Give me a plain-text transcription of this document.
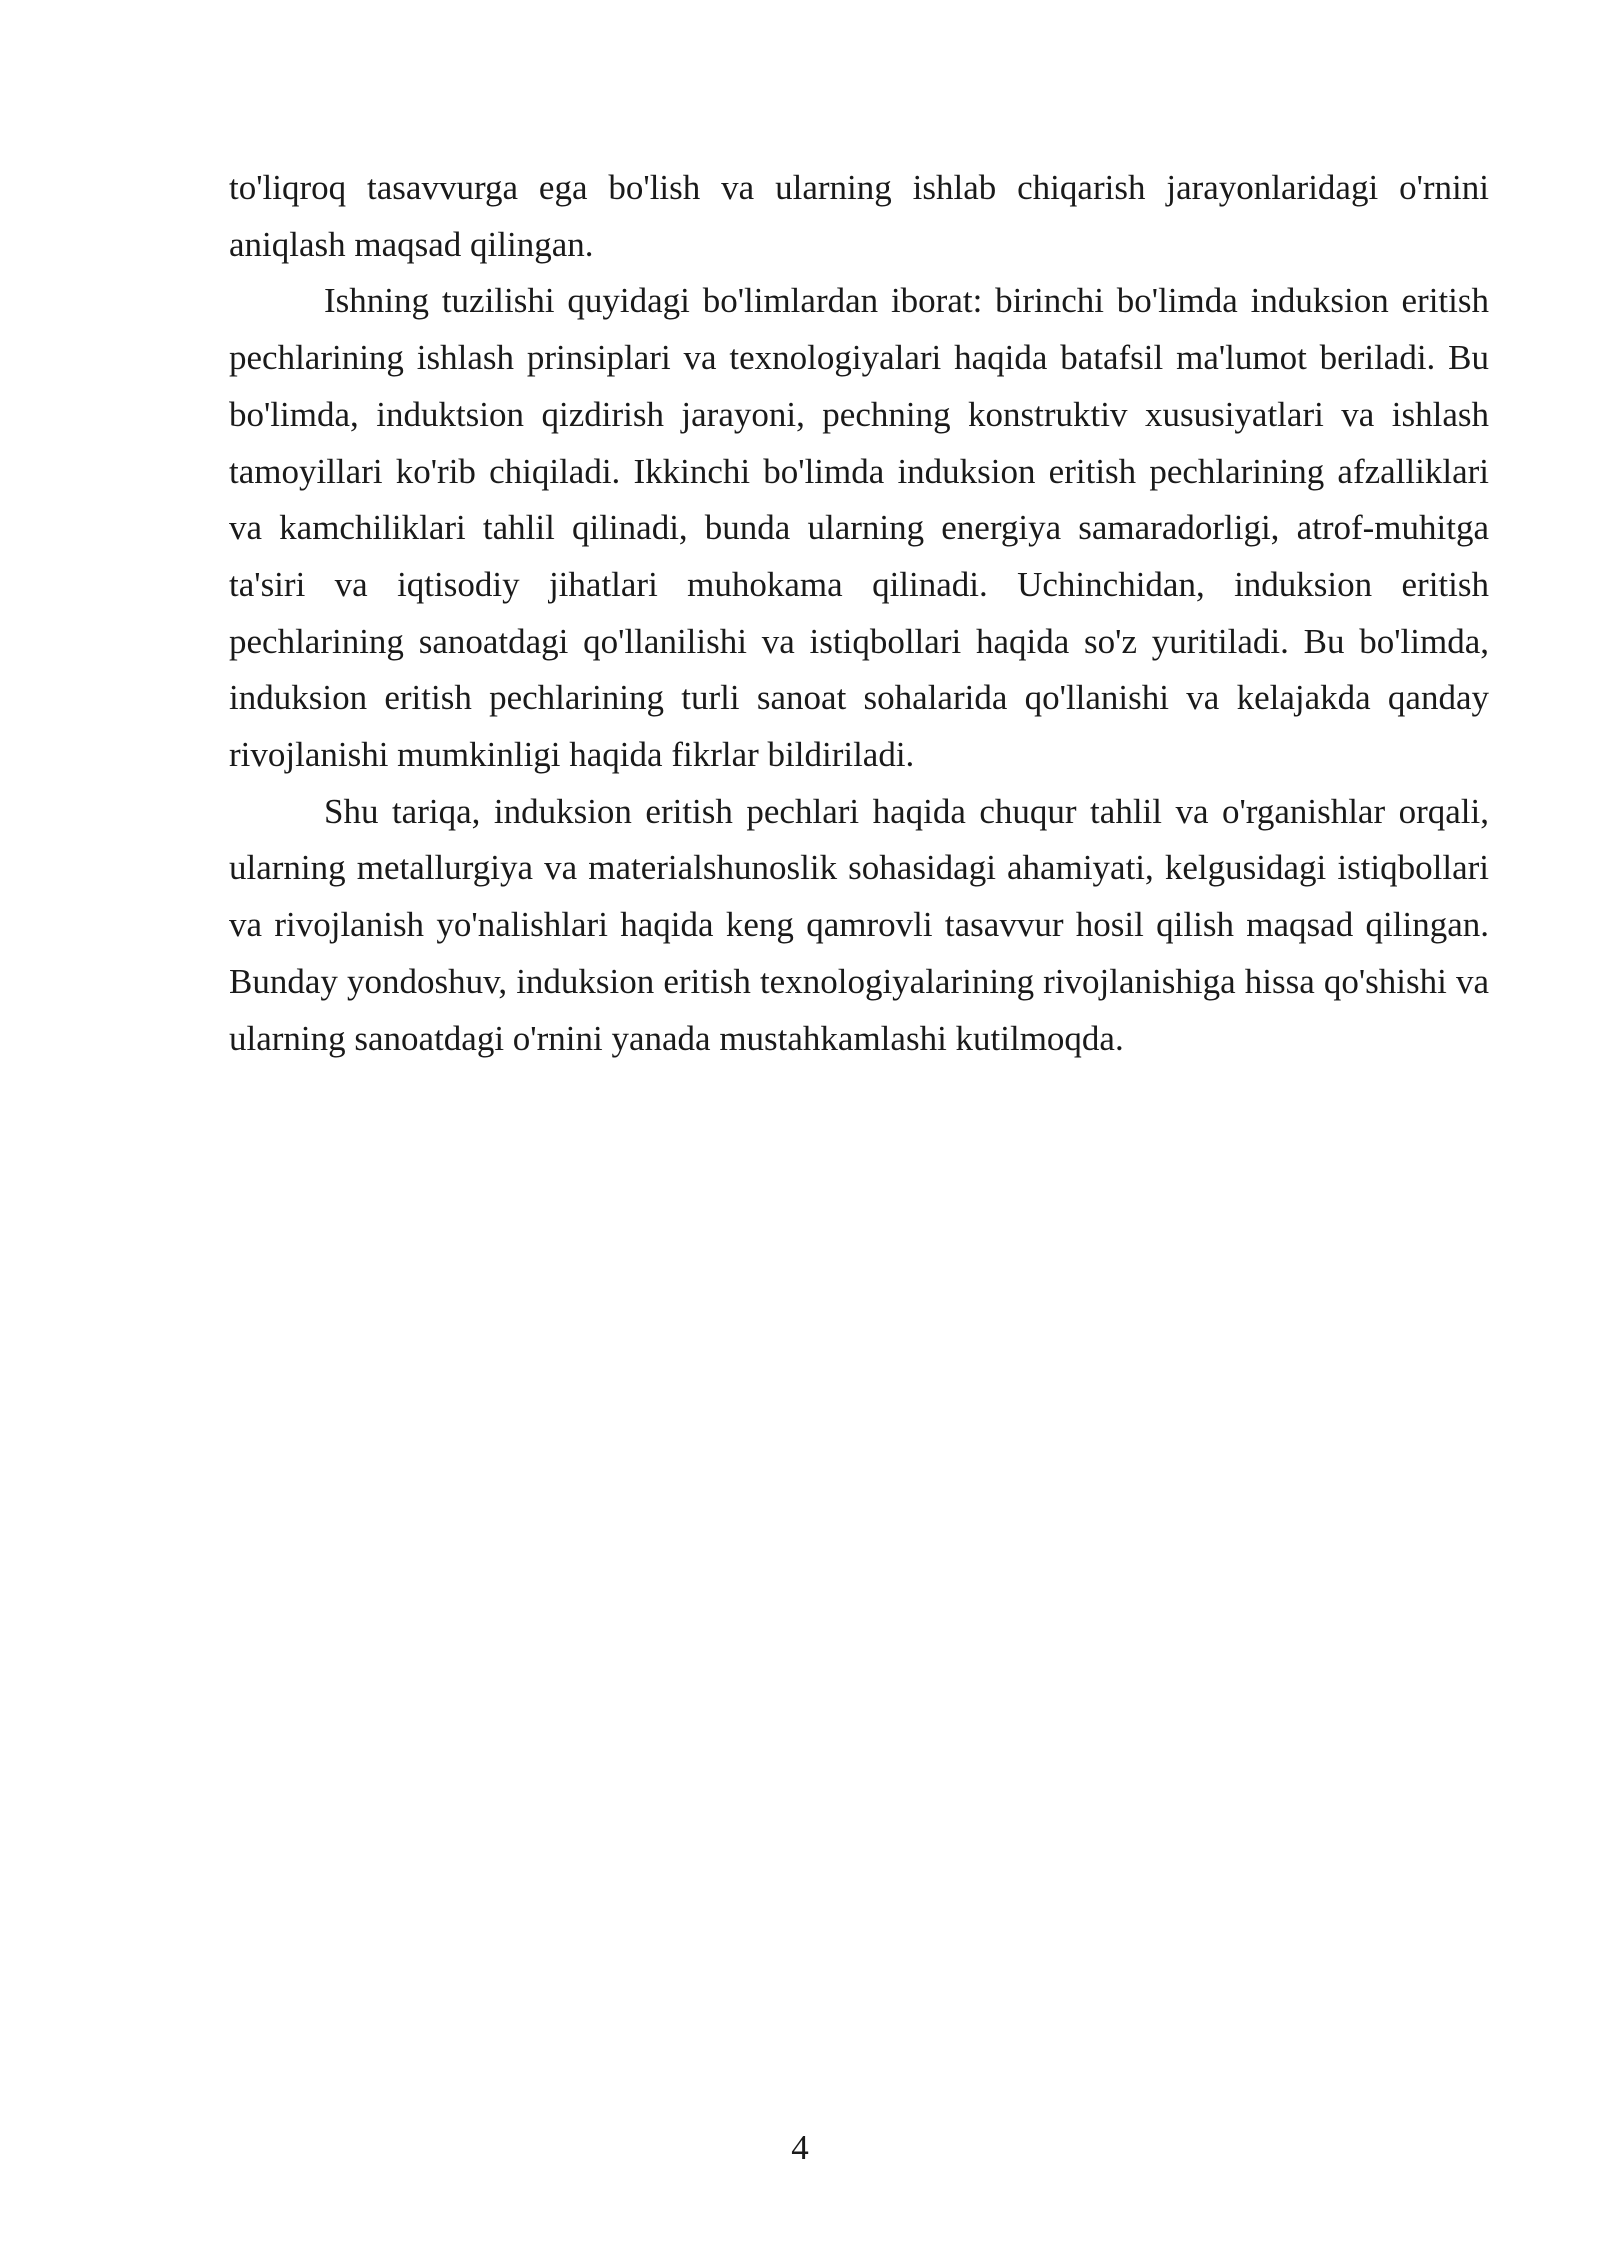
to'liqroq tasavvurga ega bo'lish va ularning ishlab chiqarish jarayonlaridagi o'rnini aniqlash maqsad qilingan.

Ishning tuzilishi quyidagi bo'limlardan iborat: birinchi bo'limda induksion eritish pechlarining ishlash prinsiplari va texnologiyalari haqida batafsil ma'lumot beriladi. Bu bo'limda, induktsion qizdirish jarayoni, pechning konstruktiv xususiyatlari va ishlash tamoyillari ko'rib chiqiladi. Ikkinchi bo'limda induksion eritish pechlarining afzalliklari va kamchiliklari tahlil qilinadi, bunda ularning energiya samaradorligi, atrof-muhitga ta'siri va iqtisodiy jihatlari muhokama qilinadi. Uchinchidan, induksion eritish pechlarining sanoatdagi qo'llanilishi va istiqbollari haqida so'z yuritiladi. Bu bo'limda, induksion eritish pechlarining turli sanoat sohalarida qo'llanishi va kelajakda qanday rivojlanishi mumkinligi haqida fikrlar bildiriladi.

Shu tariqa, induksion eritish pechlari haqida chuqur tahlil va o'rganishlar orqali, ularning metallurgiya va materialshunoslik sohasidagi ahamiyati, kelgusidagi istiqbollari va rivojlanish yo'nalishlari haqida keng qamrovli tasavvur hosil qilish maqsad qilingan. Bunday yondoshuv, induksion eritish texnologiyalarining rivojlanishiga hissa qo'shishi va ularning sanoatdagi o'rnini yanada mustahkamlashi kutilmoqda.

4
